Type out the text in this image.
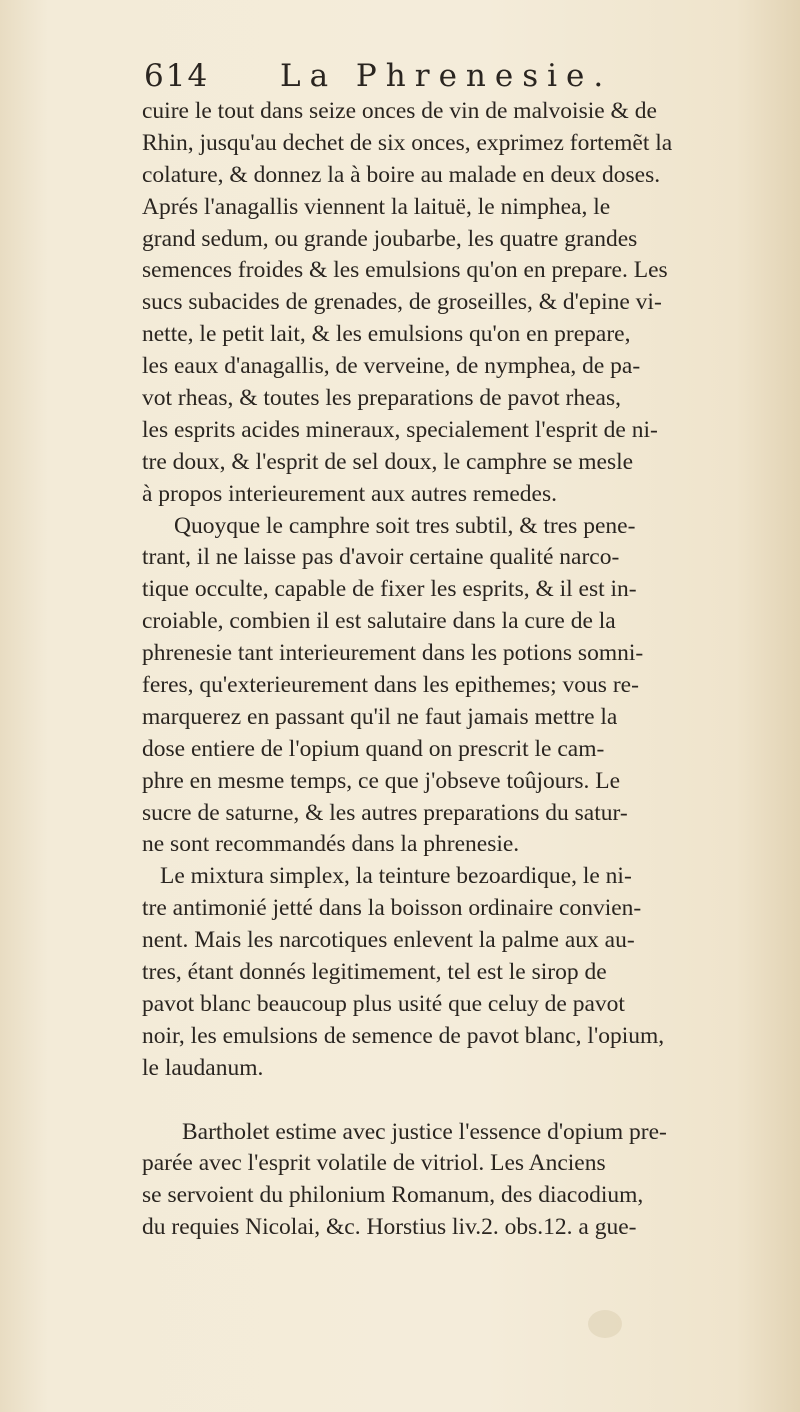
614 La Phrenesie.
cuire le tout dans seize onces de vin de malvoisie & de
Rhin, jusqu'au dechet de six onces, exprimez fortemẽt la
colature, & donnez la à boire au malade en deux doses.
Aprés l'anagallis viennent la laituë, le nimphea, le
grand sedum, ou grande joubarbe, les quatre grandes
semences froides & les emulsions qu'on en prepare. Les
sucs subacides de grenades, de groseilles, & d'epine vi-
nette, le petit lait, & les emulsions qu'on en prepare,
les eaux d'anagallis, de verveine, de nymphea, de pa-
vot rheas, & toutes les preparations de pavot rheas,
les esprits acides mineraux, specialement l'esprit de ni-
tre doux, & l'esprit de sel doux, le camphre se mesle
à propos interieurement aux autres remedes.
Quoyque le camphre soit tres subtil, & tres pene-
trant, il ne laisse pas d'avoir certaine qualité narco-
tique occulte, capable de fixer les esprits, & il est in-
croiable, combien il est salutaire dans la cure de la
phrenesie tant interieurement dans les potions somni-
feres, qu'exterieurement dans les epithemes; vous re-
marquerez en passant qu'il ne faut jamais mettre la
dose entiere de l'opium quand on prescrit le cam-
phre en mesme temps, ce que j'obseve toûjours. Le
sucre de saturne, & les autres preparations du satur-
ne sont recommandés dans la phrenesie.
Le mixtura simplex, la teinture bezoardique, le ni-
tre antimonié jetté dans la boisson ordinaire convien-
nent. Mais les narcotiques enlevent la palme aux au-
tres, étant donnés legitimement, tel est le sirop de
pavot blanc beaucoup plus usité que celuy de pavot
noir, les emulsions de semence de pavot blanc, l'opium,
le laudanum.
Bartholet estime avec justice l'essence d'opium pre-
parée avec l'esprit volatile de vitriol. Les Anciens
se servoient du philonium Romanum, des diacodium,
du requies Nicolai, &c. Horstius liv.2. obs.12. a gue-
